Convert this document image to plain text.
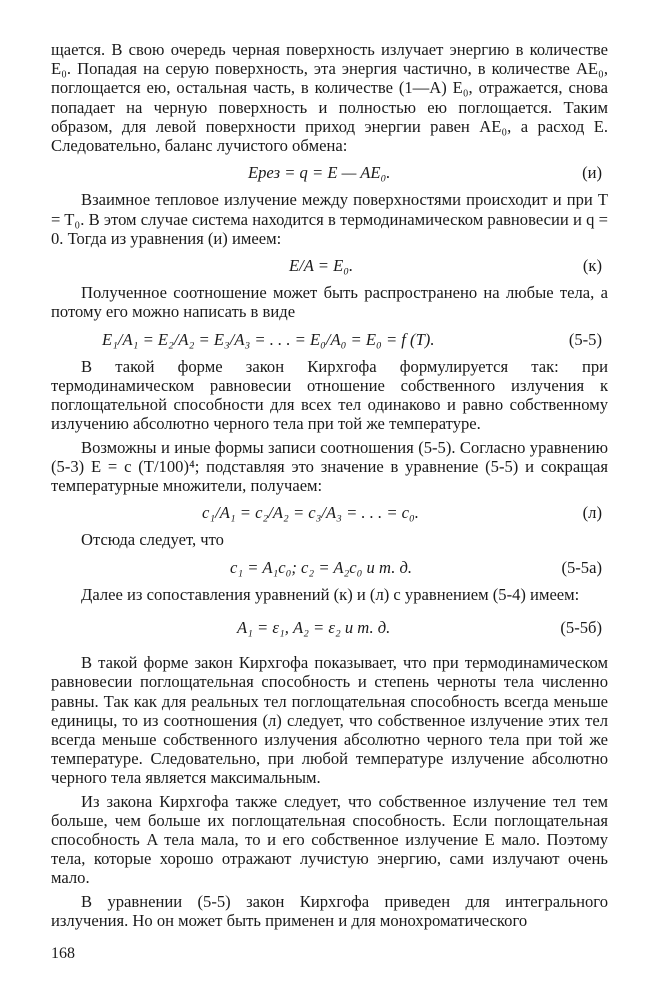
щается. В свою очередь черная поверхность излучает энергию в количестве E₀. Попадая на серую поверхность, эта энергия частично, в количестве AE₀, поглощается ею, остальная часть, в количестве (1—A) E₀, отражается, снова попадает на черную поверхность и полностью ею поглощается. Таким образом, для левой поверхности приход энергии равен AE₀, а расход E. Следовательно, баланс лучистого обмена:

Eрез = q = E — AE₀.	(и)

Взаимное тепловое излучение между поверхностями происходит и при T = T₀. В этом случае система находится в термодинамическом равновесии и q = 0. Тогда из уравнения (и) имеем:

E/A = E₀.	(к)

Полученное соотношение может быть распространено на любые тела, а потому его можно написать в виде

E₁/A₁ = E₂/A₂ = E₃/A₃ = . . . = E₀/A₀ = E₀ = f (T).	(5-5)

В такой форме закон Кирхгофа формулируется так: при термодинамическом равновесии отношение собственного излучения к поглощательной способности для всех тел одинаково и равно собственному излучению абсолютно черного тела при той же температуре.

Возможны и иные формы записи соотношения (5-5). Согласно уравнению (5-3) E = c (T/100)⁴; подставляя это значение в уравнение (5-5) и сокращая температурные множители, получаем:

c₁/A₁ = c₂/A₂ = c₃/A₃ = . . . = c₀.	(л)

Отсюда следует, что

c₁ = A₁c₀; c₂ = A₂c₀ и т. д.	(5-5а)

Далее из сопоставления уравнений (к) и (л) с уравнением (5-4) имеем:

A₁ = ε₁, A₂ = ε₂ и т. д.	(5-5б)

В такой форме закон Кирхгофа показывает, что при термодинамическом равновесии поглощательная способность и степень черноты тела численно равны. Так как для реальных тел поглощательная способность всегда меньше единицы, то из соотношения (л) следует, что собственное излучение этих тел всегда меньше собственного излучения абсолютно черного тела при той же температуре. Следовательно, при любой температуре излучение абсолютно черного тела является максимальным.

Из закона Кирхгофа также следует, что собственное излучение тел тем больше, чем больше их поглощательная способность. Если поглощательная способность A тела мала, то и его собственное излучение E мало. Поэтому тела, которые хорошо отражают лучистую энергию, сами излучают очень мало.

В уравнении (5-5) закон Кирхгофа приведен для интегрального излучения. Но он может быть применен и для монохроматического

168
